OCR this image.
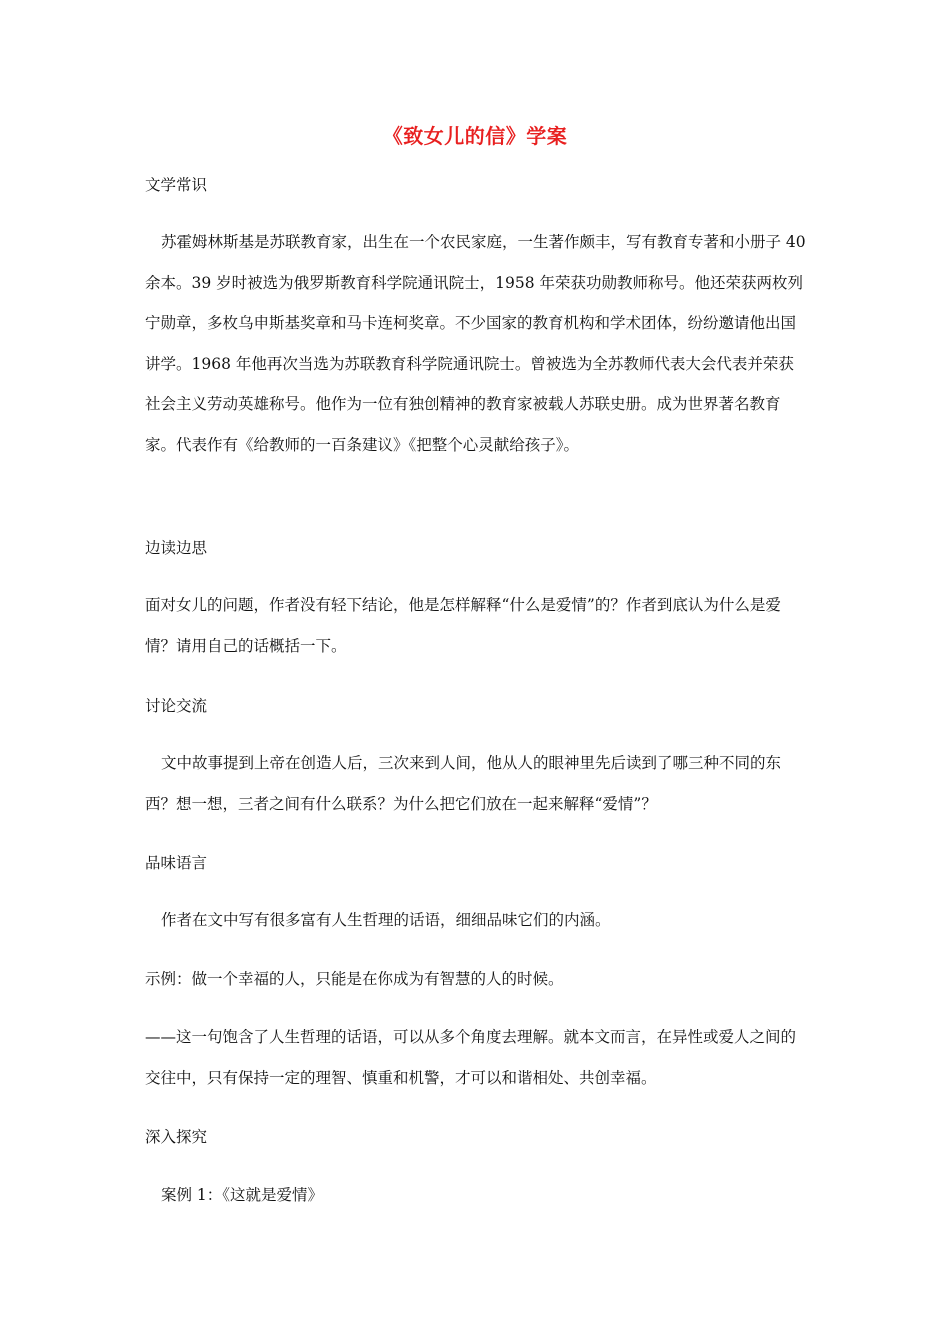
《致女儿的信》学案
文学常识
苏霍姆林斯基是苏联教育家，出生在一个农民家庭，一生著作颇丰，写有教育专著和小册子 40 余本。39 岁时被选为俄罗斯教育科学院通讯院士，1958 年荣获功勋教师称号。他还荣获两枚列宁勋章，多枚乌申斯基奖章和马卡连柯奖章。不少国家的教育机构和学术团体，纷纷邀请他出国讲学。1968 年他再次当选为苏联教育科学院通讯院士。曾被选为全苏教师代表大会代表并荣获社会主义劳动英雄称号。他作为一位有独创精神的教育家被载人苏联史册。成为世界著名教育家。代表作有《给教师的一百条建议》《把整个心灵献给孩子》。
边读边思
面对女儿的问题，作者没有轻下结论，他是怎样解释“什么是爱情”的？作者到底认为什么是爱情？请用自己的话概括一下。
讨论交流
文中故事提到上帝在创造人后，三次来到人间，他从人的眼神里先后读到了哪三种不同的东西？想一想，三者之间有什么联系？为什么把它们放在一起来解释“爱情”？
品味语言
作者在文中写有很多富有人生哲理的话语，细细品味它们的内涵。
示例：做一个幸福的人，只能是在你成为有智慧的人的时候。
——这一句饱含了人生哲理的话语，可以从多个角度去理解。就本文而言，在异性或爱人之间的交往中，只有保持一定的理智、慎重和机警，才可以和谐相处、共创幸福。
深入探究
案例 1：《这就是爱情》
